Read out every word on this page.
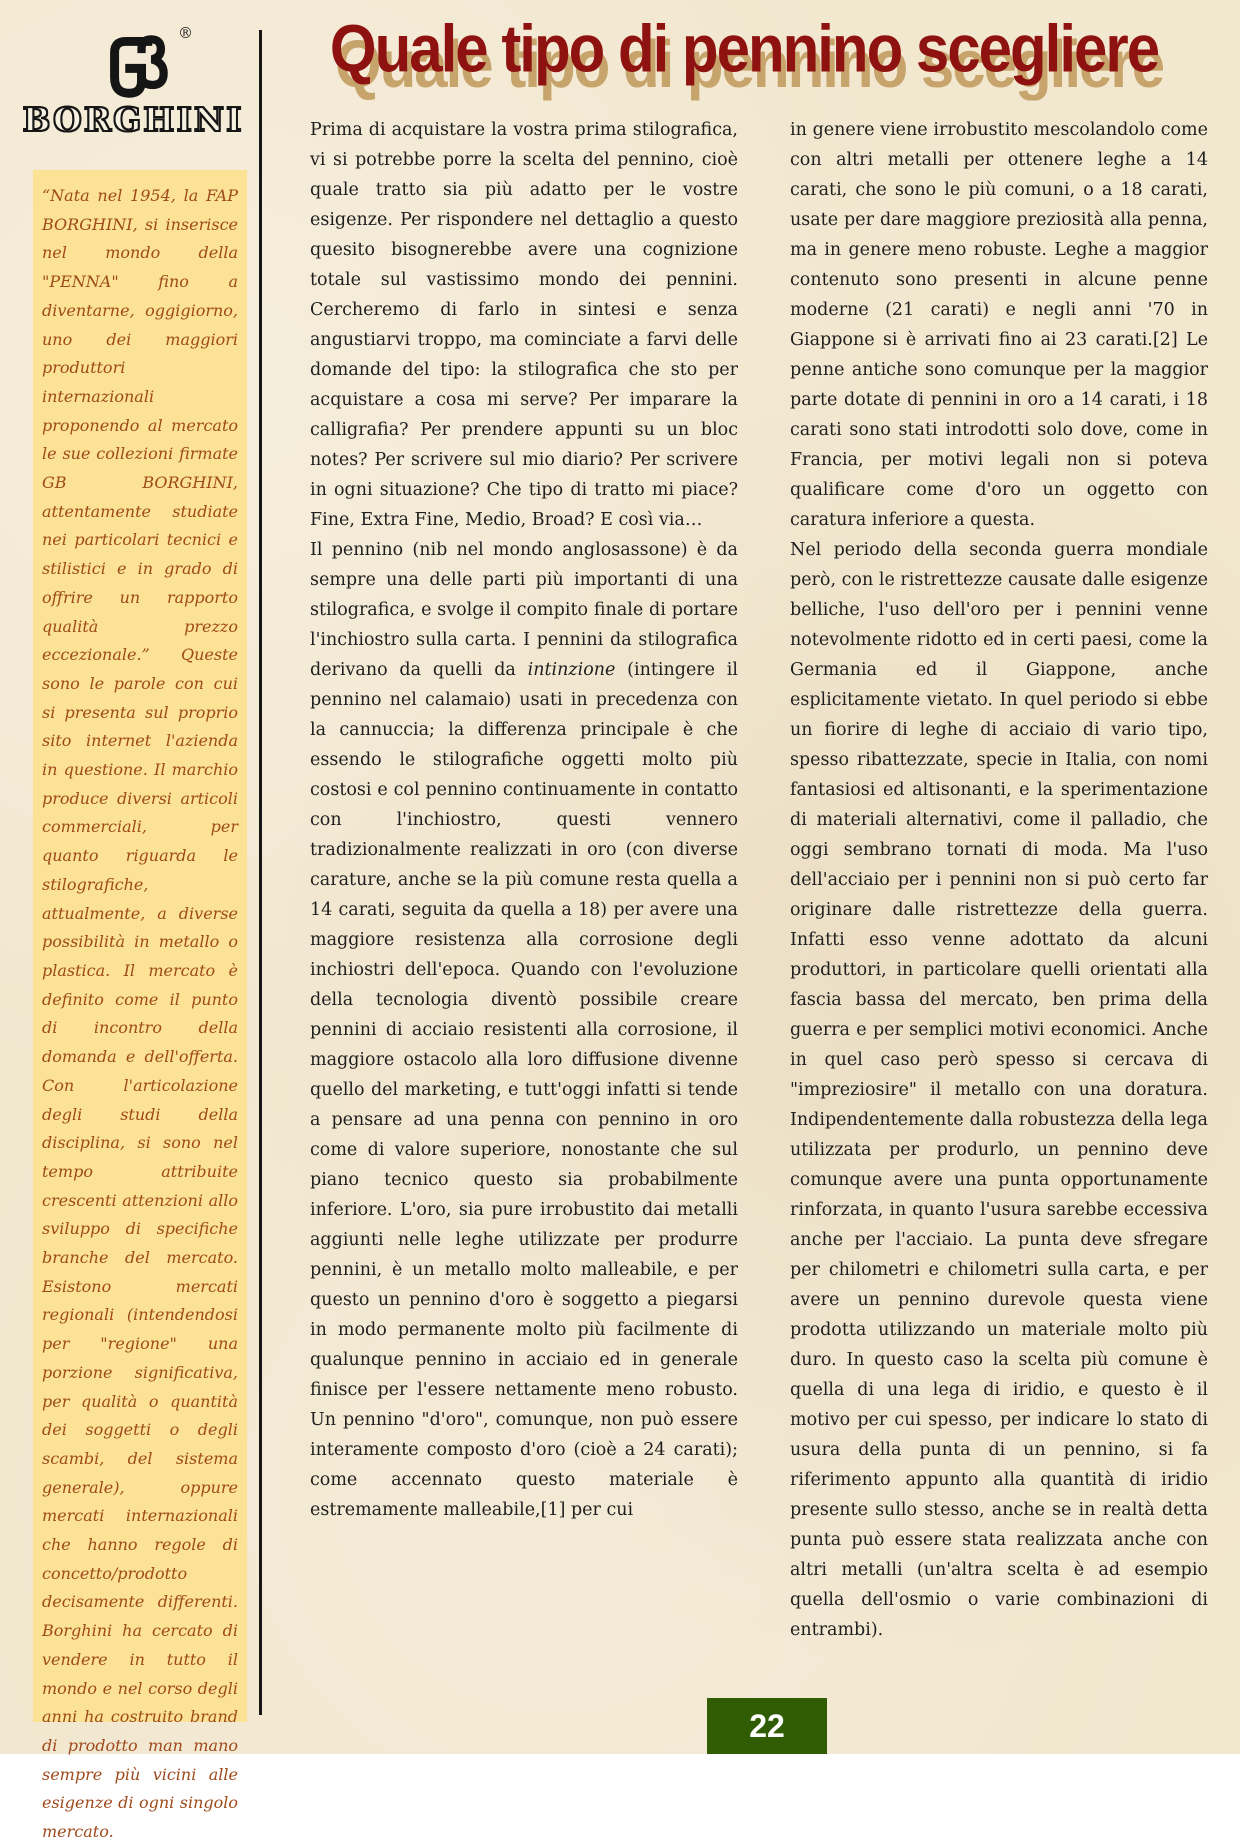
®
BORGHINI
Quale tipo di pennino scegliere

“Nata nel 1954, la FAP BORGHINI, si inserisce nel mondo della "PENNA" fino a diventarne, oggigiorno, uno dei maggiori produttori internazionali proponendo al mercato le sue collezioni firmate GB BORGHINI, attentamente studiate nei particolari tecnici e stilistici e in grado di offrire un rapporto qualità prezzo eccezionale.” Queste sono le parole con cui si presenta sul proprio sito internet l'azienda in questione. Il marchio produce diversi articoli commerciali, per quanto riguarda le stilografiche, attualmente, a diverse possibilità in metallo o plastica. Il mercato è definito come il punto di incontro della domanda e dell'offerta. Con l'articolazione degli studi della disciplina, si sono nel tempo attribuite crescenti attenzioni allo sviluppo di specifiche branche del mercato. Esistono mercati regionali (intendendosi per "regione" una porzione significativa, per qualità o quantità dei soggetti o degli scambi, del sistema generale), oppure mercati internazionali che hanno regole di concetto/prodotto decisamente differenti. Borghini ha cercato di vendere in tutto il mondo e nel corso degli anni ha costruito brand di prodotto man mano sempre più vicini alle esigenze di ogni singolo mercato.

Prima di acquistare la vostra prima stilografica, vi si potrebbe porre la scelta del pennino, cioè quale tratto sia più adatto per le vostre esigenze. Per rispondere nel dettaglio a questo quesito bisognerebbe avere una cognizione totale sul vastissimo mondo dei pennini. Cercheremo di farlo in sintesi e senza angustiarvi troppo, ma cominciate a farvi delle domande del tipo: la stilografica che sto per acquistare a cosa mi serve? Per imparare la calligrafia? Per prendere appunti su un bloc notes? Per scrivere sul mio diario? Per scrivere in ogni situazione? Che tipo di tratto mi piace? Fine, Extra Fine, Medio, Broad? E così via…

Il pennino (nib nel mondo anglosassone) è da sempre una delle parti più importanti di una stilografica, e svolge il compito finale di portare l'inchiostro sulla carta. I pennini da stilografica derivano da quelli da intinzione (intingere il pennino nel calamaio) usati in precedenza con la cannuccia; la differenza principale è che essendo le stilografiche oggetti molto più costosi e col pennino continuamente in contatto con l'inchiostro, questi vennero tradizionalmente realizzati in oro (con diverse carature, anche se la più comune resta quella a 14 carati, seguita da quella a 18) per avere una maggiore resistenza alla corrosione degli inchiostri dell'epoca. Quando con l'evoluzione della tecnologia diventò possibile creare pennini di acciaio resistenti alla corrosione, il maggiore ostacolo alla loro diffusione divenne quello del marketing, e tutt'oggi infatti si tende a pensare ad una penna con pennino in oro come di valore superiore, nonostante che sul piano tecnico questo sia probabilmente inferiore. L'oro, sia pure irrobustito dai metalli aggiunti nelle leghe utilizzate per produrre pennini, è un metallo molto malleabile, e per questo un pennino d'oro è soggetto a piegarsi in modo permanente molto più facilmente di qualunque pennino in acciaio ed in generale finisce per l'essere nettamente meno robusto. Un pennino "d'oro", comunque, non può essere interamente composto d'oro (cioè a 24 carati); come accennato questo materiale è estremamente malleabile,[1] per cui

in genere viene irrobustito mescolandolo come con altri metalli per ottenere leghe a 14 carati, che sono le più comuni, o a 18 carati, usate per dare maggiore preziosità alla penna, ma in genere meno robuste. Leghe a maggior contenuto sono presenti in alcune penne moderne (21 carati) e negli anni '70 in Giappone si è arrivati fino ai 23 carati.[2] Le penne antiche sono comunque per la maggior parte dotate di pennini in oro a 14 carati, i 18 carati sono stati introdotti solo dove, come in Francia, per motivi legali non si poteva qualificare come d'oro un oggetto con caratura inferiore a questa.

Nel periodo della seconda guerra mondiale però, con le ristrettezze causate dalle esigenze belliche, l'uso dell'oro per i pennini venne notevolmente ridotto ed in certi paesi, come la Germania ed il Giappone, anche esplicitamente vietato. In quel periodo si ebbe un fiorire di leghe di acciaio di vario tipo, spesso ribattezzate, specie in Italia, con nomi fantasiosi ed altisonanti, e la sperimentazione di materiali alternativi, come il palladio, che oggi sembrano tornati di moda. Ma l'uso dell'acciaio per i pennini non si può certo far originare dalle ristrettezze della guerra. Infatti esso venne adottato da alcuni produttori, in particolare quelli orientati alla fascia bassa del mercato, ben prima della guerra e per semplici motivi economici. Anche in quel caso però spesso si cercava di "impreziosire" il metallo con una doratura. Indipendentemente dalla robustezza della lega utilizzata per produrlo, un pennino deve comunque avere una punta opportunamente rinforzata, in quanto l'usura sarebbe eccessiva anche per l'acciaio. La punta deve sfregare per chilometri e chilometri sulla carta, e per avere un pennino durevole questa viene prodotta utilizzando un materiale molto più duro. In questo caso la scelta più comune è quella di una lega di iridio, e questo è il motivo per cui spesso, per indicare lo stato di usura della punta di un pennino, si fa riferimento appunto alla quantità di iridio presente sullo stesso, anche se in realtà detta punta può essere stata realizzata anche con altri metalli (un'altra scelta è ad esempio quella dell'osmio o varie combinazioni di entrambi).

22
